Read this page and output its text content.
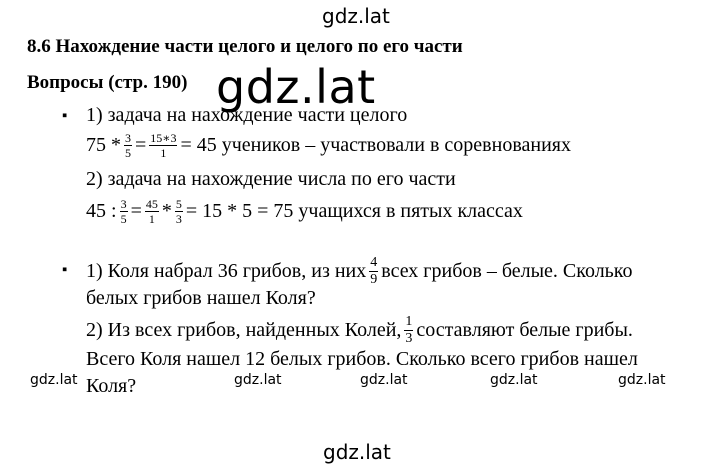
gdz.lat
gdz.lat
gdz.lat
gdz.lat	gdz.lat	gdz.lat	gdz.lat	gdz.lat
8.6 Нахождение части целого и целого по его части
Вопросы (стр. 190)
▪ 1) задача на нахождение части целого
$75 * \frac{3}{5} = \frac{15∗3}{1} = 45$ учеников – участвовали в соревнованиях
2) задача на нахождение числа по его части
45 : $\frac{3}{5} = \frac{45}{1} * \frac{5}{3} = 15 * 5 = 75$ учащихся в пятых классах
▪ 1) Коля набрал 36 грибов, из них $\frac{4}{9}$ всех грибов – белые. Сколько
белых грибов нашел Коля?
2) Из всех грибов, найденных Колей, $\frac{1}{3}$ составляют белые грибы.
Всего Коля нашел 12 белых грибов. Сколько всего грибов нашел
Коля?
